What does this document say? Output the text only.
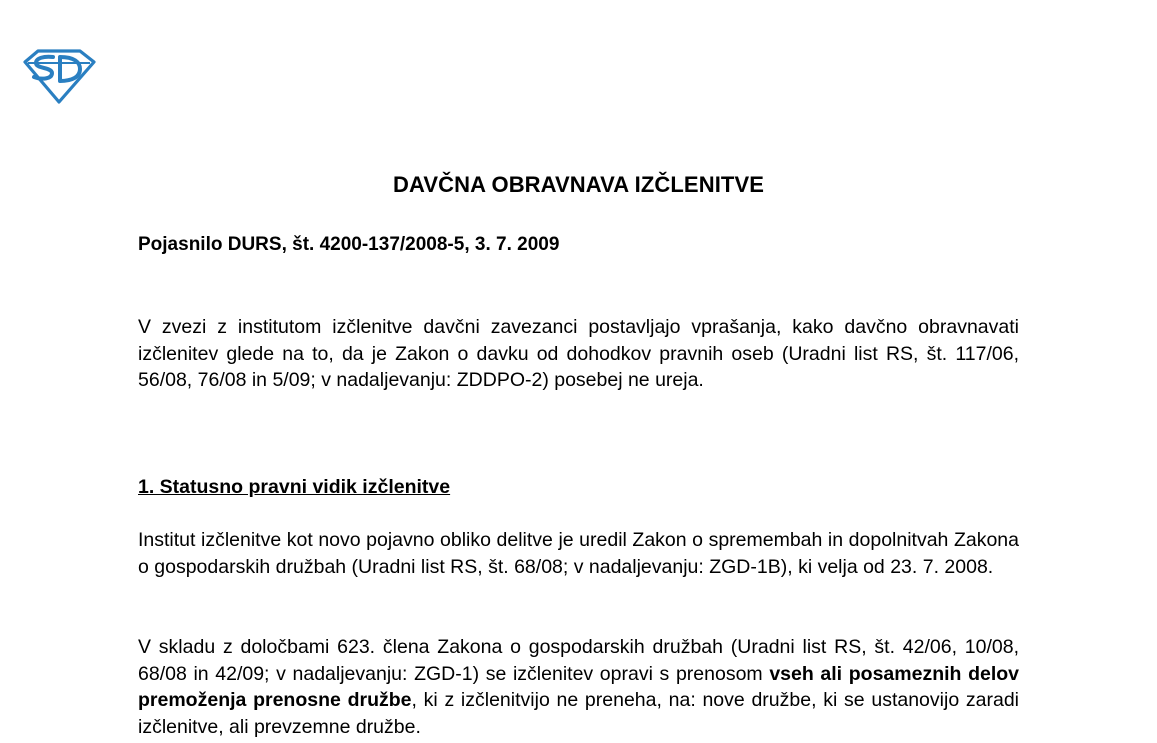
DAVČNA OBRAVNAVA IZČLENITVE
Pojasnilo DURS, št. 4200-137/2008-5, 3. 7. 2009

V zvezi z institutom izčlenitve davčni zavezanci postavljajo vprašanja, kako davčno obravnavati izčlenitev glede na to, da je Zakon o davku od dohodkov pravnih oseb (Uradni list RS, št. 117/06, 56/08, 76/08 in 5/09; v nadaljevanju: ZDDPO-2) posebej ne ureja.

1. Statusno pravni vidik izčlenitve

Institut izčlenitve kot novo pojavno obliko delitve je uredil Zakon o spremembah in dopolnitvah Zakona o gospodarskih družbah (Uradni list RS, št. 68/08; v nadaljevanju: ZGD-1B), ki velja od 23. 7. 2008.

V skladu z določbami 623. člena Zakona o gospodarskih družbah (Uradni list RS, št. 42/06, 10/08, 68/08 in 42/09; v nadaljevanju: ZGD-1) se izčlenitev opravi s prenosom vseh ali posameznih delov premoženja prenosne družbe, ki z izčlenitvijo ne preneha, na: nove družbe, ki se ustanovijo zaradi izčlenitve, ali prevzemne družbe.
